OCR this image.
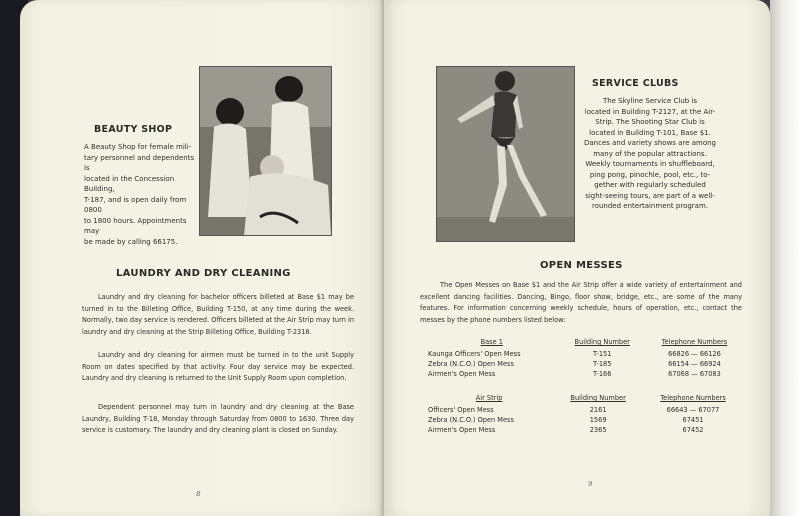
BEAUTY SHOP
A Beauty Shop for female mili-
tary personnel and dependents is
located in the Concession Building,
T-187, and is open daily from 0800
to 1800 hours. Appointments may
be made by calling 66175.
LAUNDRY AND DRY CLEANING

Laundry and dry cleaning for bachelor officers billeted at Base $1 may be turned in to the Billeting Office, Building T-150, at any time during the week. Normally, two day service is rendered. Officers billeted at the Air Strip may turn in laundry and dry cleaning at the Strip Billeting Office, Building T-2318.

Laundry and dry cleaning for airmen must be turned in to the unit Supply Room on dates specified by that activity. Four day service may be expected. Laundry and dry cleaning is returned to the Unit Supply Room upon completion.

Dependent personnel may turn in laundry and dry cleaning at the Base Laundry, Building T-18, Monday through Saturday from 0800 to 1630. Three day service is customary. The laundry and dry cleaning plant is closed on Sunday.

8
SERVICE CLUBS
The Skyline Service Club is
located in Building T-2127, at the Air-
Strip. The Shooting Star Club is
located in Building T-101, Base $1.
Dances and variety shows are among
many of the popular attractions.
Weekly tournaments in shuffleboard,
ping pong, pinochle, pool, etc., to-
gether with regularly scheduled
sight-seeing tours, are part of a well-
rounded entertainment program.
OPEN MESSES

The Open Messes on Base $1 and the Air Strip offer a wide variety of entertainment and excellent dancing facilities. Dancing, Bingo, floor show, bridge, etc., are some of the many features. For information concerning weekly schedule, hours of operation, etc., contact the messes by the phone numbers listed below:

Base 1	Building Number	Telephone Numbers
Kaunga Officers' Open Mess	T-151	66826 — 66126
Zebra (N.C.O.) Open Mess	T-185	66154 — 66924
Airmen's Open Mess	T-166	67068 — 67083
Air Strip	Building Number	Telephone Numbers
Officers' Open Mess	2161	66643 — 67077
Zebra (N.C.O.) Open Mess	1569	67451
Airmen's Open Mess	2365	67452
9
